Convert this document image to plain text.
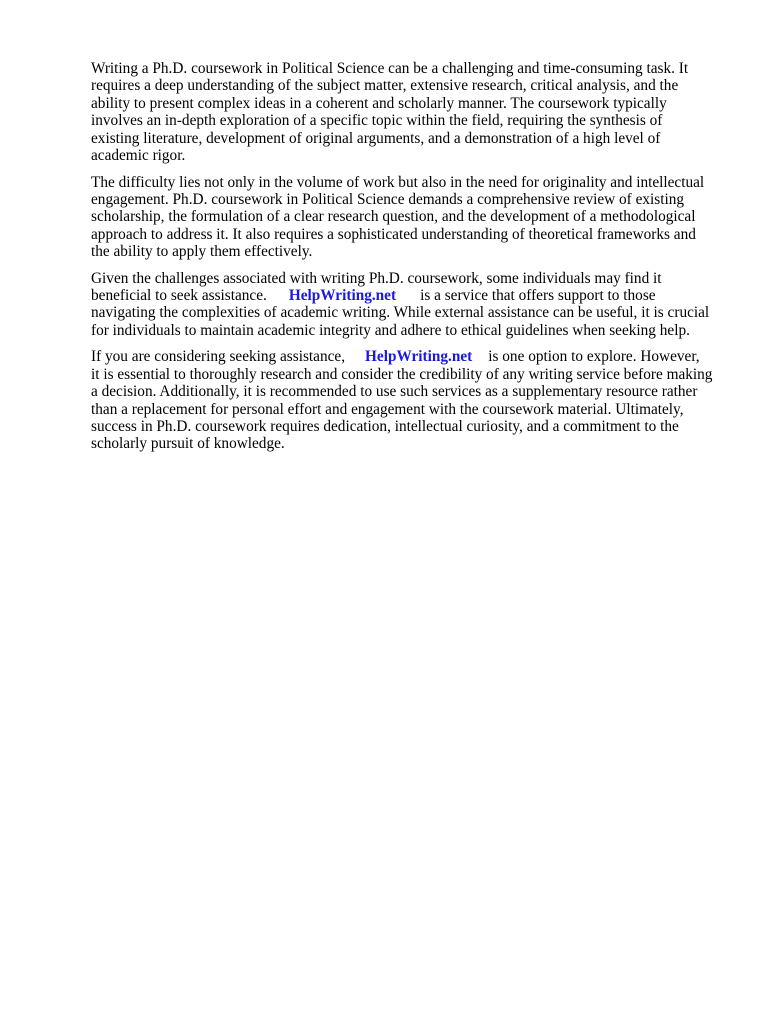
Writing a Ph.D. coursework in Political Science can be a challenging and time-consuming task. It
requires a deep understanding of the subject matter, extensive research, critical analysis, and the
ability to present complex ideas in a coherent and scholarly manner. The coursework typically
involves an in-depth exploration of a specific topic within the field, requiring the synthesis of
existing literature, development of original arguments, and a demonstration of a high level of
academic rigor.

The difficulty lies not only in the volume of work but also in the need for originality and intellectual
engagement. Ph.D. coursework in Political Science demands a comprehensive review of existing
scholarship, the formulation of a clear research question, and the development of a methodological
approach to address it. It also requires a sophisticated understanding of theoretical frameworks and
the ability to apply them effectively.

Given the challenges associated with writing Ph.D. coursework, some individuals may find it
beneficial to seek assistance. HelpWriting.net is a service that offers support to those
navigating the complexities of academic writing. While external assistance can be useful, it is crucial
for individuals to maintain academic integrity and adhere to ethical guidelines when seeking help.

If you are considering seeking assistance, HelpWriting.net is one option to explore. However,
it is essential to thoroughly research and consider the credibility of any writing service before making
a decision. Additionally, it is recommended to use such services as a supplementary resource rather
than a replacement for personal effort and engagement with the coursework material. Ultimately,
success in Ph.D. coursework requires dedication, intellectual curiosity, and a commitment to the
scholarly pursuit of knowledge.
